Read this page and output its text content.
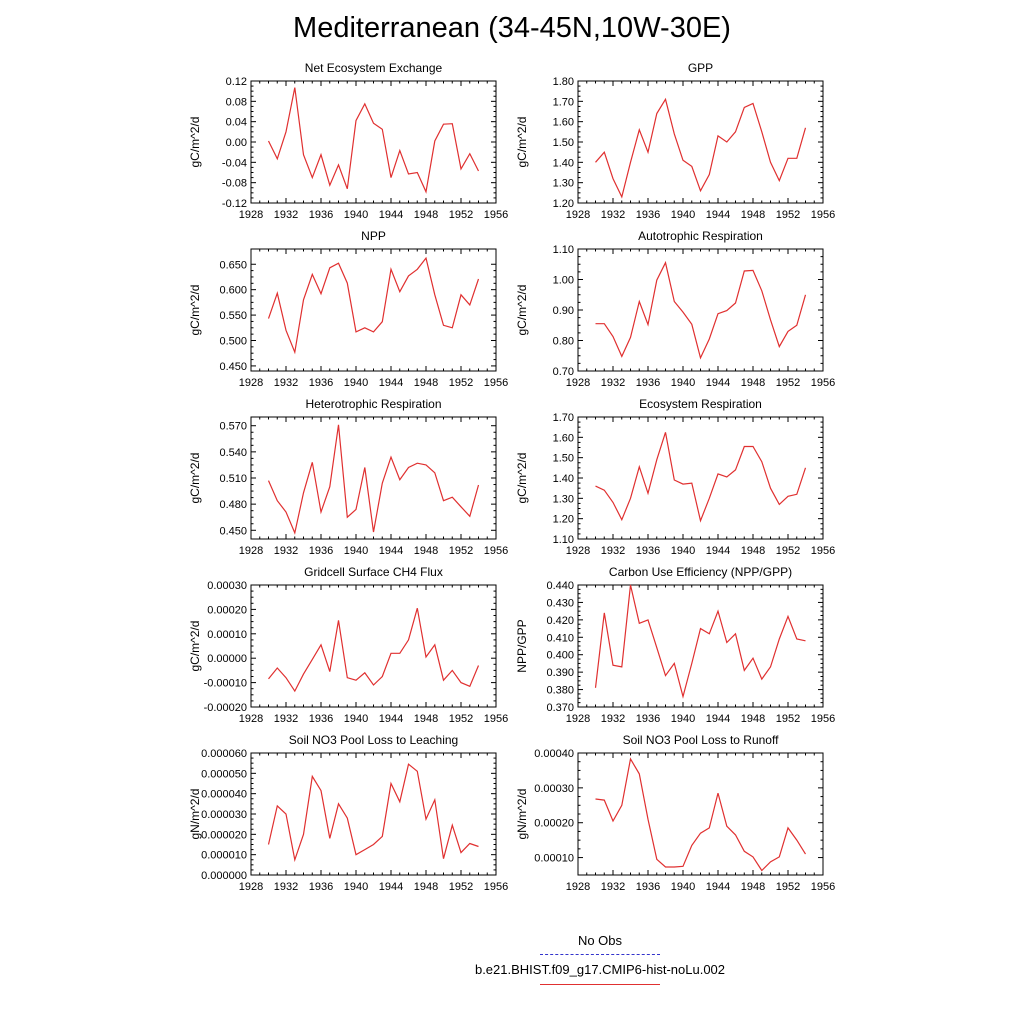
Mediterranean (34-45N,10W-30E)
Net Ecosystem Exchange
gC/m^2/d
1928 1932 1936 1940 1944 1948 1952 1956
-0.12
-0.08
-0.04
0.00
0.04
0.08
0.12
GPP
gC/m^2/d
1928 1932 1936 1940 1944 1948 1952 1956
1.20
1.30
1.40
1.50
1.60
1.70
1.80
NPP
gC/m^2/d
1928 1932 1936 1940 1944 1948 1952 1956
0.450
0.500
0.550
0.600
0.650
Autotrophic Respiration
gC/m^2/d
1928 1932 1936 1940 1944 1948 1952 1956
0.70
0.80
0.90
1.00
1.10
Heterotrophic Respiration
gC/m^2/d
1928 1932 1936 1940 1944 1948 1952 1956
0.450
0.480
0.510
0.540
0.570
Ecosystem Respiration
gC/m^2/d
1928 1932 1936 1940 1944 1948 1952 1956
1.10
1.20
1.30
1.40
1.50
1.60
1.70
Gridcell Surface CH4 Flux
gC/m^2/d
1928 1932 1936 1940 1944 1948 1952 1956
-0.00020
-0.00010
0.00000
0.00010
0.00020
0.00030
Carbon Use Efficiency (NPP/GPP)
NPP/GPP
1928 1932 1936 1940 1944 1948 1952 1956
0.370
0.380
0.390
0.400
0.410
0.420
0.430
0.440
Soil NO3 Pool Loss to Leaching
gN/m^2/d
1928 1932 1936 1940 1944 1948 1952 1956
0.000000
0.000010
0.000020
0.000030
0.000040
0.000050
0.000060
Soil NO3 Pool Loss to Runoff
gN/m^2/d
1928 1932 1936 1940 1944 1948 1952 1956
0.00010
0.00020
0.00030
0.00040
No Obs
b.e21.BHIST.f09_g17.CMIP6-hist-noLu.002
